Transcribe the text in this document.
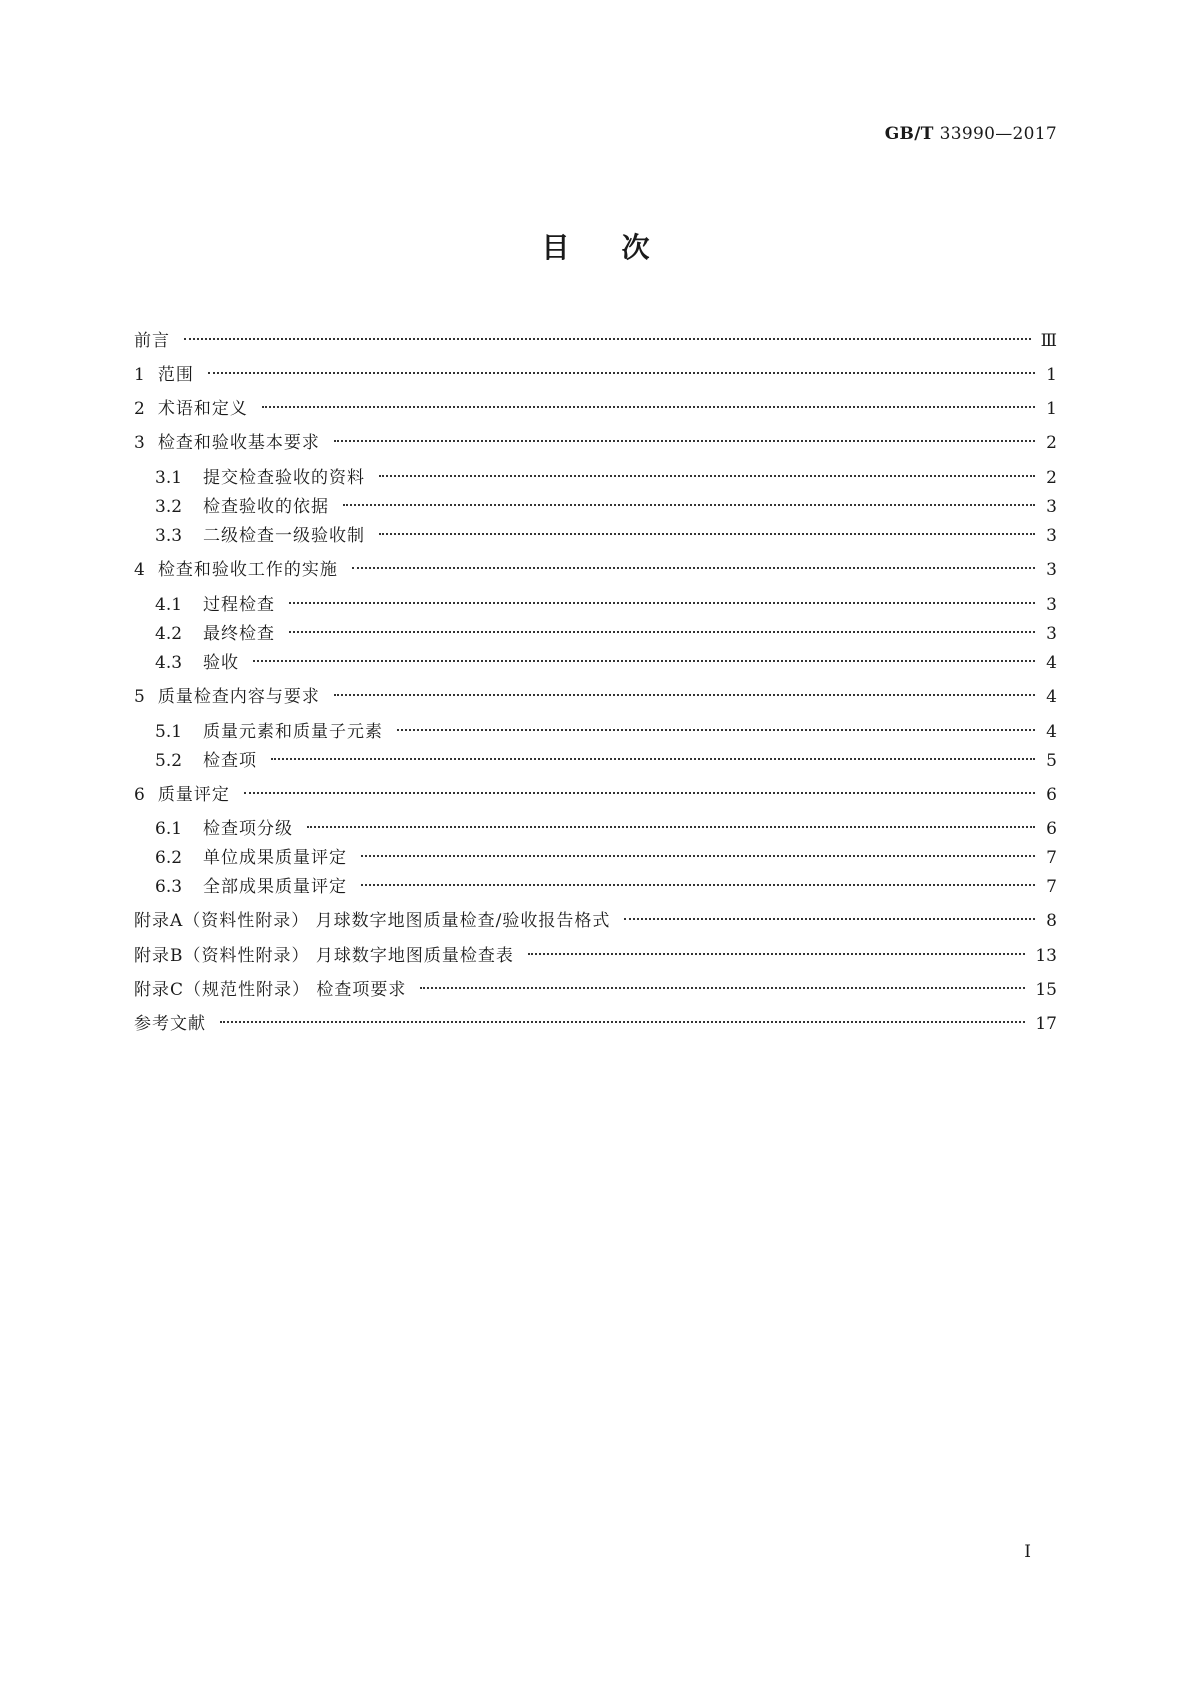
GB/T 33990—2017
目次
前言	Ⅲ
1 范围	1
2 术语和定义	1
3 检查和验收基本要求	2
3.1	提交检查验收的资料	2
3.2	检查验收的依据	3
3.3	二级检查一级验收制	3
4 检查和验收工作的实施	3
4.1	过程检查	3
4.2	最终检查	3
4.3	验收	4
5 质量检查内容与要求	4
5.1	质量元素和质量子元素	4
5.2	检查项	5
6 质量评定	6
6.1	检查项分级	6
6.2	单位成果质量评定	7
6.3	全部成果质量评定	7
附录A（资料性附录） 月球数字地图质量检查/验收报告格式	8
附录B（资料性附录） 月球数字地图质量检查表	13
附录C（规范性附录） 检查项要求	15
参考文献	17
I
